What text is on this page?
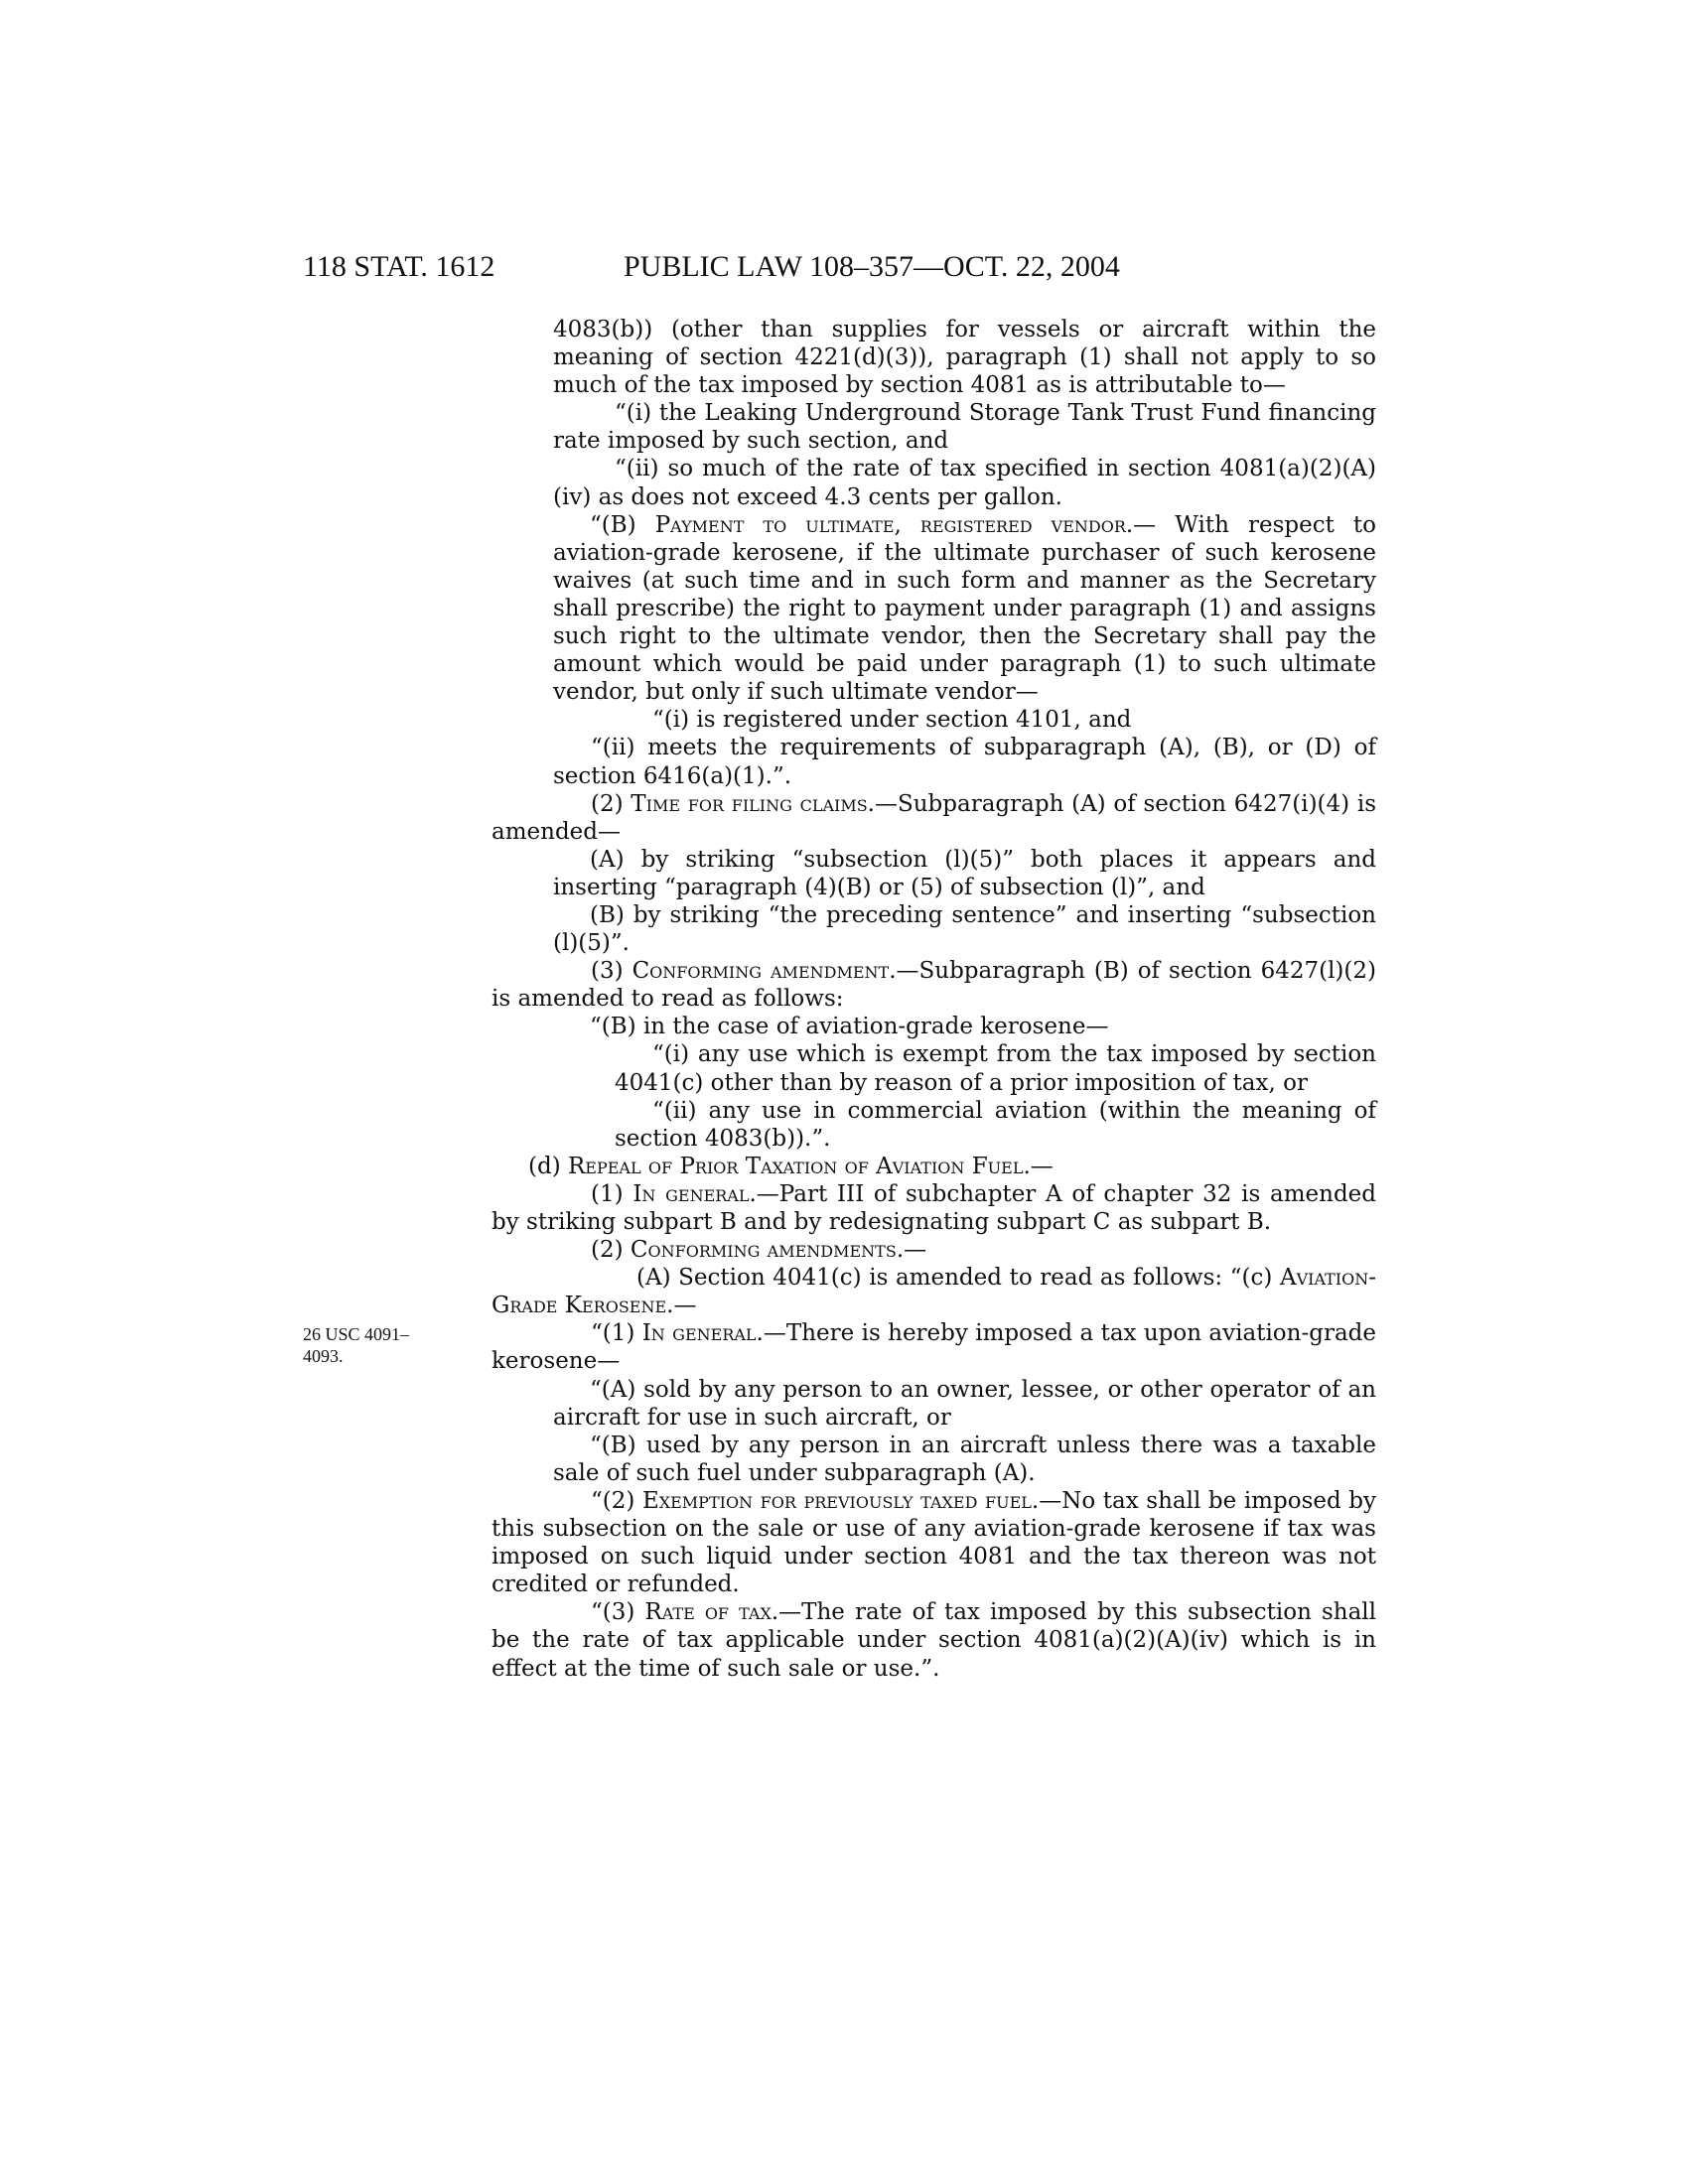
118 STAT. 1612	PUBLIC LAW 108–357—OCT. 22, 2004
26 USC 4091–
4093.

4083(b)) (other than supplies for vessels or aircraft within the meaning of section 4221(d)(3)), paragraph (1) shall not apply to so much of the tax imposed by section 4081 as is attributable to—

“(i) the Leaking Underground Storage Tank Trust Fund financing rate imposed by such section, and

“(ii) so much of the rate of tax specified in section 4081(a)(2)(A)(iv) as does not exceed 4.3 cents per gallon.

“(B) Payment to ultimate, registered vendor.— With respect to aviation-grade kerosene, if the ultimate purchaser of such kerosene waives (at such time and in such form and manner as the Secretary shall prescribe) the right to payment under paragraph (1) and assigns such right to the ultimate vendor, then the Secretary shall pay the amount which would be paid under paragraph (1) to such ultimate vendor, but only if such ultimate vendor—

“(i) is registered under section 4101, and

“(ii) meets the requirements of subparagraph (A), (B), or (D) of section 6416(a)(1).”.

(2) Time for filing claims.—Subparagraph (A) of section 6427(i)(4) is amended—

(A) by striking “subsection (l)(5)” both places it appears and inserting “paragraph (4)(B) or (5) of subsection (l)”, and

(B) by striking “the preceding sentence” and inserting “subsection (l)(5)”.

(3) Conforming amendment.—Subparagraph (B) of section 6427(l)(2) is amended to read as follows:

“(B) in the case of aviation-grade kerosene—

“(i) any use which is exempt from the tax imposed by section 4041(c) other than by reason of a prior imposition of tax, or

“(ii) any use in commercial aviation (within the meaning of section 4083(b)).”.

(d) Repeal of Prior Taxation of Aviation Fuel.—

(1) In general.—Part III of subchapter A of chapter 32 is amended by striking subpart B and by redesignating subpart C as subpart B.

(2) Conforming amendments.—

(A) Section 4041(c) is amended to read as follows: “(c) Aviation-Grade Kerosene.—

“(1) In general.—There is hereby imposed a tax upon aviation-grade kerosene—

“(A) sold by any person to an owner, lessee, or other operator of an aircraft for use in such aircraft, or

“(B) used by any person in an aircraft unless there was a taxable sale of such fuel under subparagraph (A).

“(2) Exemption for previously taxed fuel.—No tax shall be imposed by this subsection on the sale or use of any aviation-grade kerosene if tax was imposed on such liquid under section 4081 and the tax thereon was not credited or refunded.

“(3) Rate of tax.—The rate of tax imposed by this subsection shall be the rate of tax applicable under section 4081(a)(2)(A)(iv) which is in effect at the time of such sale or use.”.
